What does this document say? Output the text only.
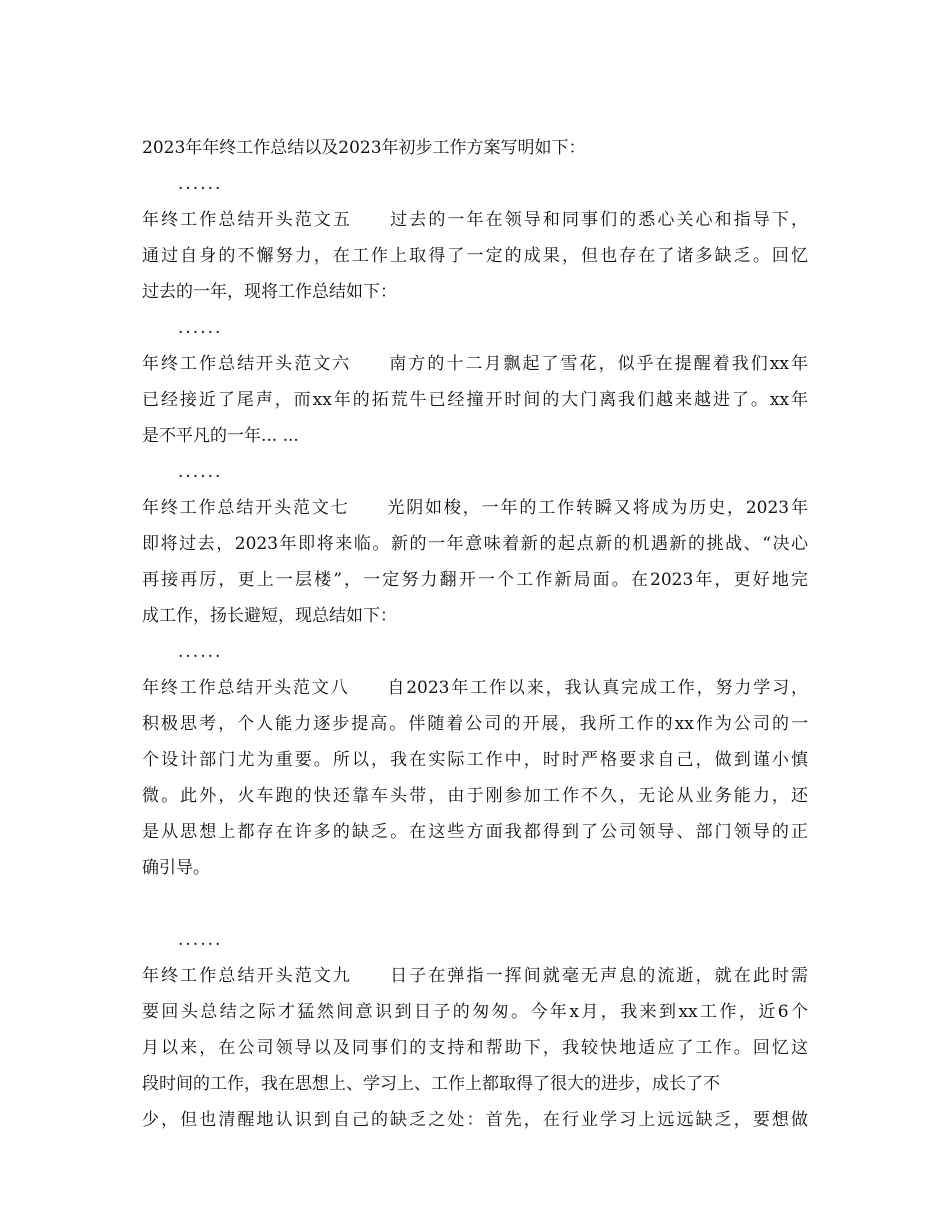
2023年年终工作总结以及2023年初步工作方案写明如下：
......
年终工作总结开头范文五　　过去的一年在领导和同事们的悉心关心和指导下，
通过自身的不懈努力，在工作上取得了一定的成果，但也存在了诸多缺乏。回忆
过去的一年，现将工作总结如下：
......
年终工作总结开头范文六　　南方的十二月飘起了雪花，似乎在提醒着我们xx年
已经接近了尾声，而xx年的拓荒牛已经撞开时间的大门离我们越来越进了。xx年
是不平凡的一年... ...
......
年终工作总结开头范文七　　光阴如梭，一年的工作转瞬又将成为历史，2023年
即将过去，2023年即将来临。新的一年意味着新的起点新的机遇新的挑战、“决心
再接再厉，更上一层楼”，一定努力翻开一个工作新局面。在2023年，更好地完
成工作，扬长避短，现总结如下：
......
年终工作总结开头范文八　　自2023年工作以来，我认真完成工作，努力学习，
积极思考，个人能力逐步提高。伴随着公司的开展，我所工作的xx作为公司的一
个设计部门尤为重要。所以，我在实际工作中，时时严格要求自己，做到谨小慎
微。此外，火车跑的快还靠车头带，由于刚参加工作不久，无论从业务能力，还
是从思想上都存在许多的缺乏。在这些方面我都得到了公司领导、部门领导的正
确引导。
......
年终工作总结开头范文九　　日子在弹指一挥间就毫无声息的流逝，就在此时需
要回头总结之际才猛然间意识到日子的匆匆。今年x月，我来到xx工作，近6个
月以来，在公司领导以及同事们的支持和帮助下，我较快地适应了工作。回忆这
段时间的工作，我在思想上、学习上、工作上都取得了很大的进步，成长了不
少，但也清醒地认识到自己的缺乏之处：首先，在行业学习上远远缺乏，要想做
